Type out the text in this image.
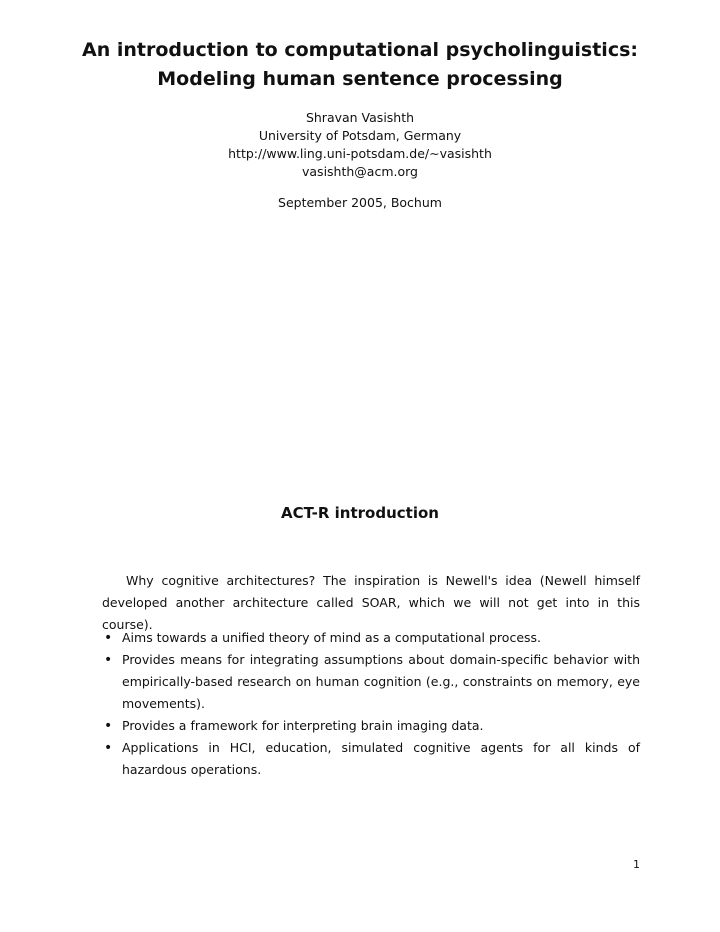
An introduction to computational psycholinguistics:
Modeling human sentence processing
Shravan Vasishth
University of Potsdam, Germany
http://www.ling.uni-potsdam.de/∼vasishth
vasishth@acm.org
September 2005, Bochum
ACT-R introduction

Why cognitive architectures? The inspiration is Newell's idea (Newell himself developed another architecture called SOAR, which we will not get into in this course).

• Aims towards a unified theory of mind as a computational process.
• Provides means for integrating assumptions about domain-specific behavior with empirically-based research on human cognition (e.g., constraints on memory, eye movements).
• Provides a framework for interpreting brain imaging data.
• Applications in HCI, education, simulated cognitive agents for all kinds of hazardous operations.
1
